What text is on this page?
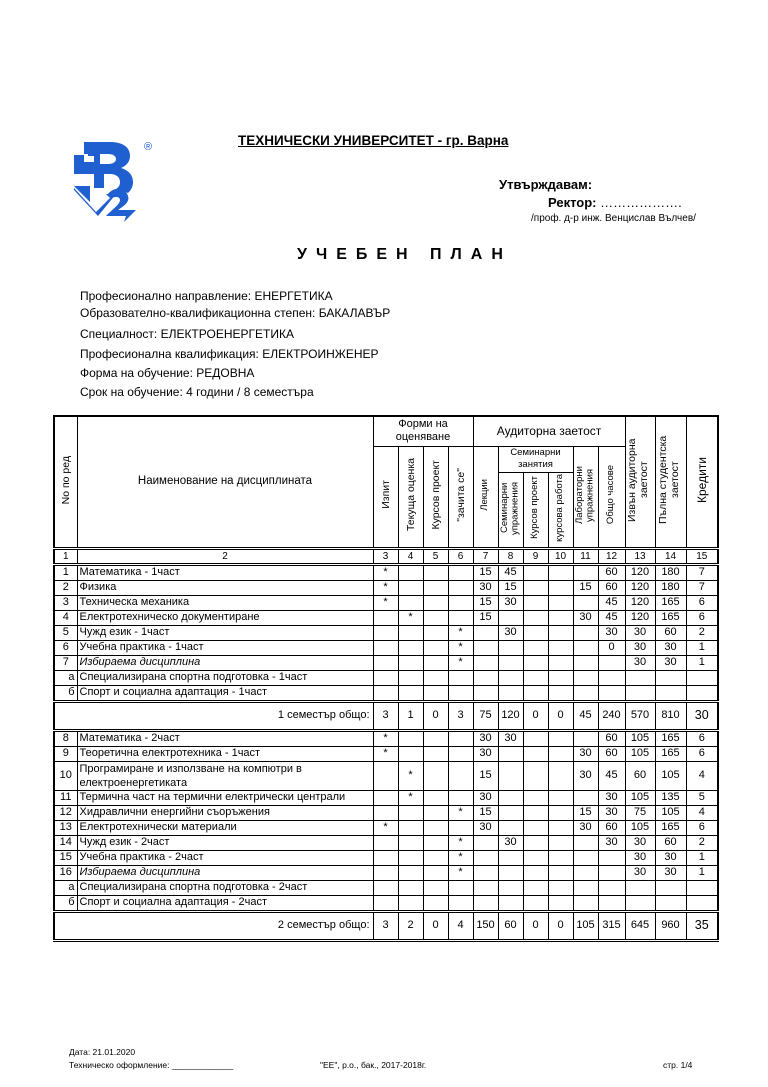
®	ТЕХНИЧЕСКИ УНИВЕРСИТЕТ - гр. Варна
Утвърждавам:
Ректор: ……………….
/проф. д-р инж. Венцислав Вълчев/
УЧЕБЕН ПЛАН
Професионално направление: ЕНЕРГЕТИКА
Образователно-квалификационна степен: БАКАЛАВЪР
Специалност: ЕЛЕКТРОЕНЕРГЕТИКА
Професионална квалификация: ЕЛЕКТРОИНЖЕНЕР
Форма на обучение: РЕДОВНА
Срок на обучение: 4 години / 8 семестъра
No по ред	Наименование на дисциплината	Форми на оценяване				Аудиторна заетост						Извън аудиторна заетост	Пълна студентска заетост	Кредити
		Изпит	Текуща оценка	Курсов проект	"зачита се"	Лекции	Семинарни занятия			Лабораторни упражнения	Общо часове			
							Семинарни упражнения	Курсов проект	курсова работа					
1	2	3	4	5	6	7	8	9	10	11	12	13	14	15
1	Математика - 1част	*				15	45				60	120	180	7
2	Физика	*				30	15			15	60	120	180	7
3	Техническа механика	*				15	30				45	120	165	6
4	Електротехническо документиране		*			15				30	45	120	165	6
5	Чужд език - 1част				*		30				30	30	60	2
6	Учебна практика - 1част				*						0	30	30	1
7	Избираема дисциплина				*							30	30	1
а	Специализирана спортна подготовка - 1част													
б	Спорт и социална адаптация - 1част													
1 семестър общо:		3	1	0	3	75	120	0	0	45	240	570	810	30
8	Математика - 2част	*				30	30				60	105	165	6
9	Теоретична електротехника - 1част	*				30				30	60	105	165	6
10	Програмиране и използване на компютри в електроенергетиката		*			15				30	45	60	105	4
11	Термична част на термични електрически централи		*			30					30	105	135	5
12	Хидравлични енергийни съоръжения				*	15				15	30	75	105	4
13	Електротехнически материали	*				30				30	60	105	165	6
14	Чужд език - 2част				*		30				30	30	60	2
15	Учебна практика - 2част				*							30	30	1
16	Избираема дисциплина				*							30	30	1
а	Специализирана спортна подготовка - 2част													
б	Спорт и социална адаптация - 2част													
2 семестър общо:		3	2	0	4	150	60	0	0	105	315	645	960	35
Дата: 21.01.2020
Техническо оформление: _____________	"ЕЕ", р.о., бак., 2017-2018г.	стр. 1/4
